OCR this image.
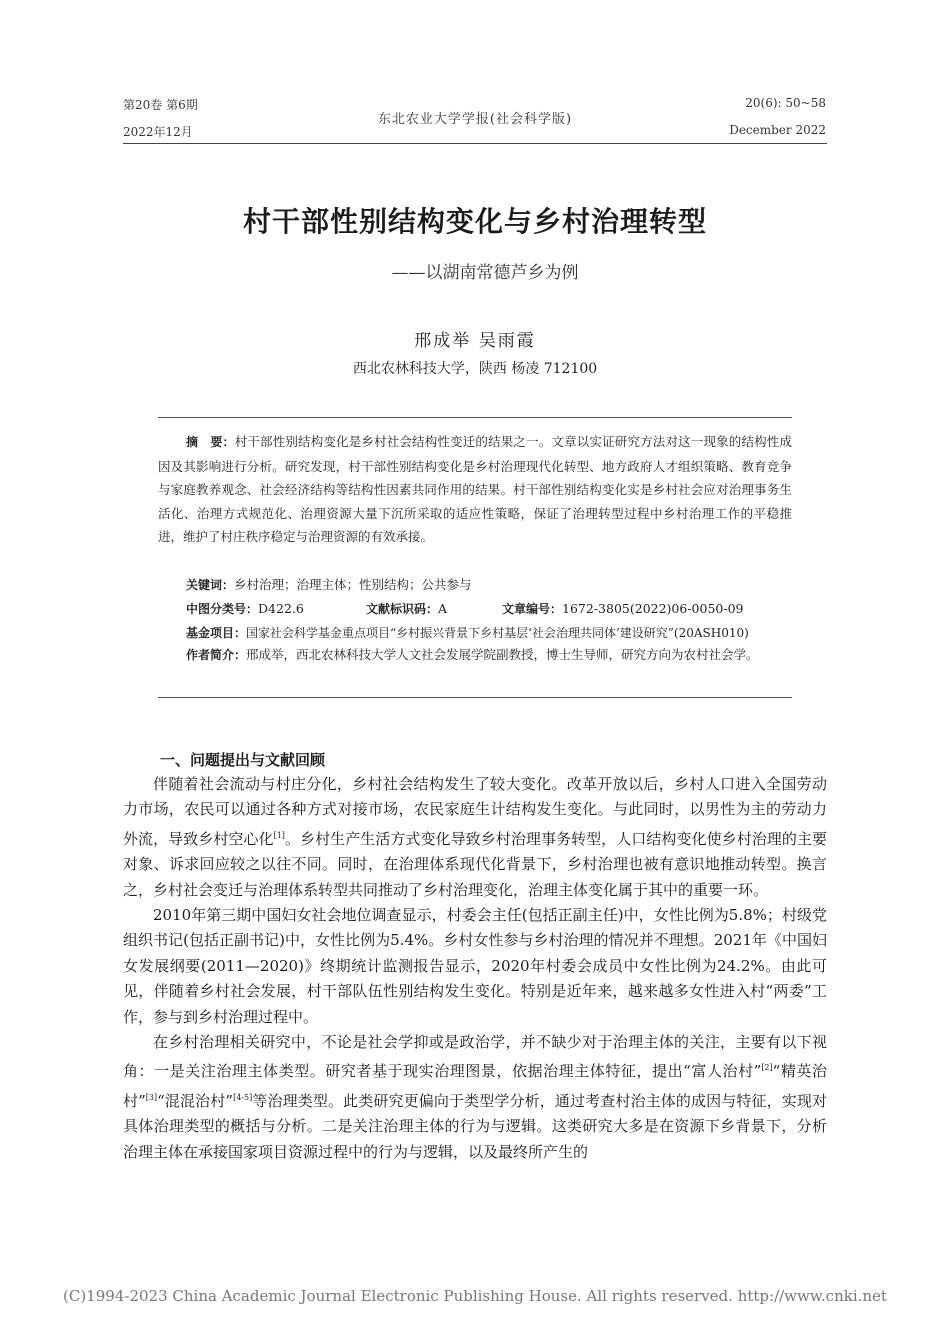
第20卷 第6期
2022年12月
东北农业大学学报(社会科学版)
20(6): 50~58
December 2022
村干部性别结构变化与乡村治理转型
——以湖南常德芦乡为例
邢成举 吴雨霞
西北农林科技大学，陕西 杨凌 712100
摘　要：村干部性别结构变化是乡村社会结构性变迁的结果之一。文章以实证研究方法对这一现象的结构性成因及其影响进行分析。研究发现，村干部性别结构变化是乡村治理现代化转型、地方政府人才组织策略、教育竞争与家庭教养观念、社会经济结构等结构性因素共同作用的结果。村干部性别结构变化实是乡村社会应对治理事务生活化、治理方式规范化、治理资源大量下沉所采取的适应性策略，保证了治理转型过程中乡村治理工作的平稳推进，维护了村庄秩序稳定与治理资源的有效承接。
关键词：乡村治理；治理主体；性别结构；公共参与
中图分类号：D422.6	文献标识码：A	文章编号：1672-3805(2022)06-0050-09
基金项目：国家社会科学基金重点项目“乡村振兴背景下乡村基层‘社会治理共同体’建设研究”(20ASH010)
作者简介：邢成举，西北农林科技大学人文社会发展学院副教授，博士生导师，研究方向为农村社会学。
一、问题提出与文献回顾

伴随着社会流动与村庄分化，乡村社会结构发生了较大变化。改革开放以后，乡村人口进入全国劳动力市场，农民可以通过各种方式对接市场，农民家庭生计结构发生变化。与此同时，以男性为主的劳动力外流，导致乡村空心化[1]。乡村生产生活方式变化导致乡村治理事务转型，人口结构变化使乡村治理的主要对象、诉求回应较之以往不同。同时，在治理体系现代化背景下，乡村治理也被有意识地推动转型。换言之，乡村社会变迁与治理体系转型共同推动了乡村治理变化，治理主体变化属于其中的重要一环。

2010年第三期中国妇女社会地位调查显示，村委会主任(包括正副主任)中，女性比例为5.8%；村级党组织书记(包括正副书记)中，女性比例为5.4%。乡村女性参与乡村治理的情况并不理想。2021年《中国妇女发展纲要(2011—2020)》终期统计监测报告显示，2020年村委会成员中女性比例为24.2%。由此可见，伴随着乡村社会发展，村干部队伍性别结构发生变化。特别是近年来，越来越多女性进入村“两委”工作，参与到乡村治理过程中。

在乡村治理相关研究中，不论是社会学抑或是政治学，并不缺少对于治理主体的关注，主要有以下视角：一是关注治理主体类型。研究者基于现实治理图景，依据治理主体特征，提出“富人治村”[2]“精英治村”[3]“混混治村”[4-5]等治理类型。此类研究更偏向于类型学分析，通过考查村治主体的成因与特征，实现对具体治理类型的概括与分析。二是关注治理主体的行为与逻辑。这类研究大多是在资源下乡背景下，分析治理主体在承接国家项目资源过程中的行为与逻辑，以及最终所产生的

(C)1994-2023 China Academic Journal Electronic Publishing House. All rights reserved. http://www.cnki.net
